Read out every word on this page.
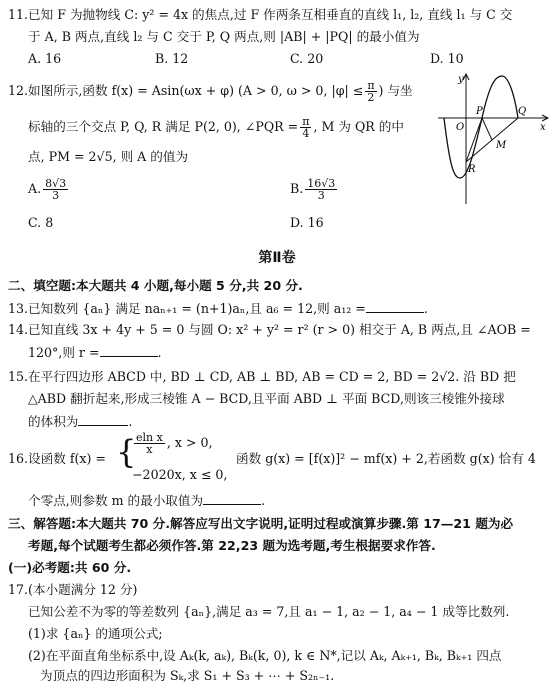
11.已知 F 为抛物线 C: y² = 4x 的焦点,过 F 作两条互相垂直的直线 l₁, l₂, 直线 l₁ 与 C 交
于 A, B 两点,直线 l₂ 与 C 交于 P, Q 两点,则 |AB| + |PQ| 的最小值为
A. 16	B. 12	C. 20	D. 10
12.如图所示,函数 f(x) = Asin(ωx + φ) (A > 0, ω > 0, $|\varphi| \le \frac{\pi}{2}$ ) 与坐
标轴的三个交点 P, Q, R 满足 P(2, 0), ∠PQR = $\frac{\pi}{4}$ , M 为 QR 的中
点, PM = 2√5, 则 A 的值为
A. $\frac{8√3}{3}$	B. $\frac{16√3}{3}$
C. 8	D. 16
y
O
P	Q
x
M
R
第Ⅱ卷
二、填空题:本大题共 4 小题,每小题 5 分,共 20 分.
13.已知数列 {aₙ} 满足 naₙ₊₁ = (n+1)aₙ,且 a₆ = 12,则 a₁₂ =	.
14.已知直线 3x + 4y + 5 = 0 与圆 O: x² + y² = r² (r > 0) 相交于 A, B 两点,且 ∠AOB =
120°,则 r =	.
15.在平行四边形 ABCD 中, BD ⊥ CD, AB ⊥ BD, AB = CD = 2, BD = 2√2. 沿 BD 把
△ABD 翻折起来,形成三棱锥 A − BCD,且平面 ABD ⊥ 平面 BCD,则该三棱锥外接球
的体积为	.
16.设函数 f(x) = {
$\frac{\text{eln x}}{x}$ , x > 0,
−2020x, x ≤ 0,
函数 g(x) = [f(x)]² − mf(x) + 2,若函数 g(x) 恰有 4
个零点,则参数 m 的最小取值为	.
三、解答题:本大题共 70 分.解答应写出文字说明,证明过程或演算步骤.第 17—21 题为必
考题,每个试题考生都必须作答.第 22,23 题为选考题,考生根据要求作答.
(一)必考题:共 60 分.
17.(本小题满分 12 分)
已知公差不为零的等差数列 {aₙ},满足 a₃ = 7,且 a₁ − 1, a₂ − 1, a₄ − 1 成等比数列.
(1)求 {aₙ} 的通项公式;
(2)在平面直角坐标系中,设 Aₖ(k, aₖ), Bₖ(k, 0), k ∈ N*,记以 Aₖ, Aₖ₊₁, Bₖ, Bₖ₊₁ 四点
为顶点的四边形面积为 Sₖ,求 S₁ + S₃ + ⋯ + S₂ₙ₋₁.
